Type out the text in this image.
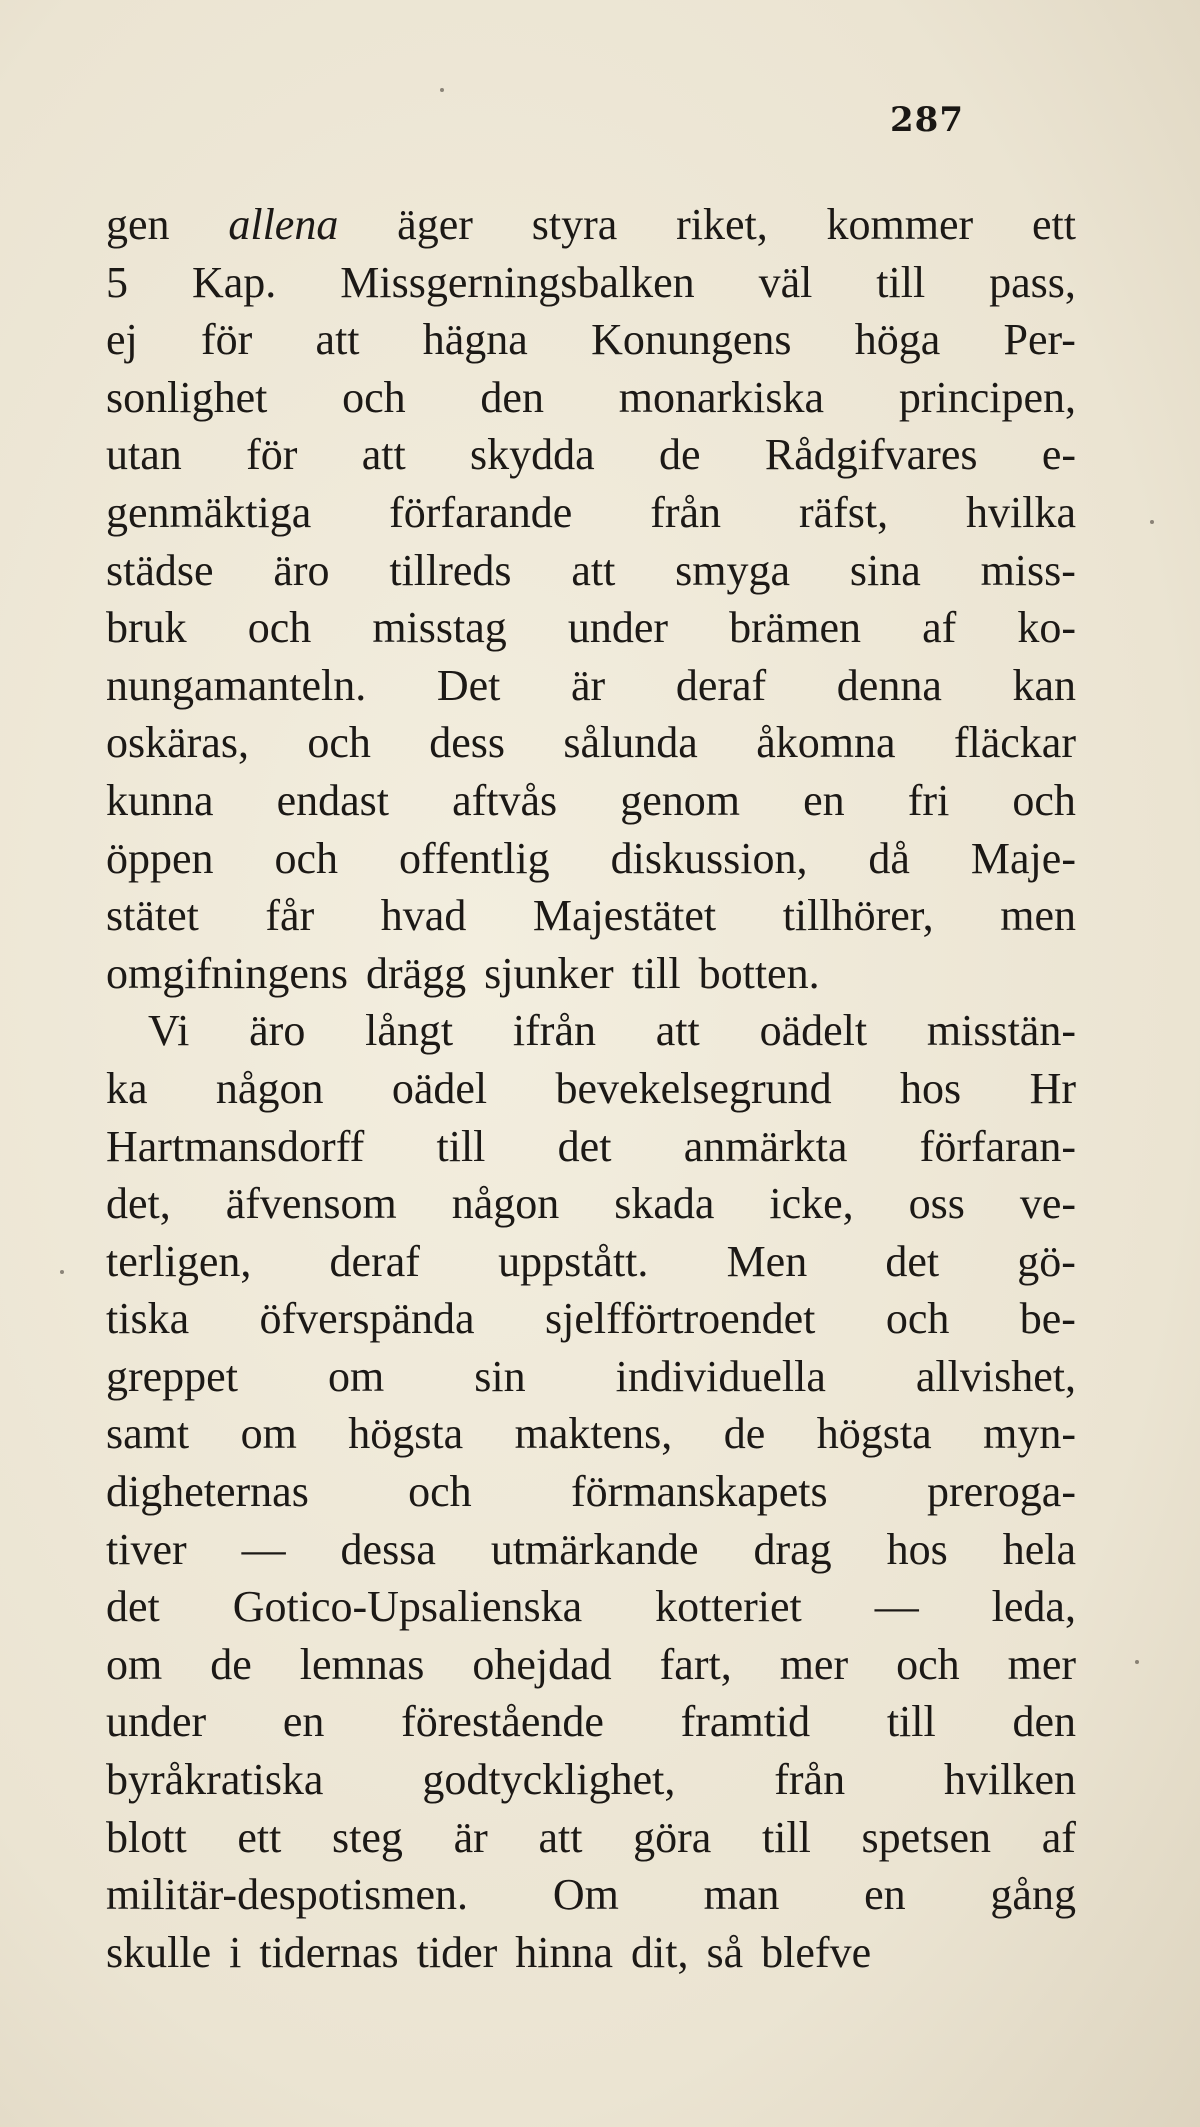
287
gen allena äger styra riket, kommer ett
5 Kap. Missgerningsbalken väl till pass,
ej för att hägna Konungens höga Per-
sonlighet och den monarkiska principen,
utan för att skydda de Rådgifvares e-
genmäktiga förfarande från räfst, hvilka
städse äro tillreds att smyga sina miss-
bruk och misstag under brämen af ko-
nungamanteln. Det är deraf denna kan
oskäras, och dess sålunda åkomna fläckar
kunna endast aftvås genom en fri och
öppen och offentlig diskussion, då Maje-
stätet får hvad Majestätet tillhörer, men
omgifningens drägg sjunker till botten.
Vi äro långt ifrån att oädelt misstän-
ka någon oädel bevekelsegrund hos Hr
Hartmansdorff till det anmärkta förfaran-
det, äfvensom någon skada icke, oss ve-
terligen, deraf uppstått. Men det gö-
tiska öfverspända sjelfförtroendet och be-
greppet om sin individuella allvishet,
samt om högsta maktens, de högsta myn-
digheternas och förmanskapets preroga-
tiver — dessa utmärkande drag hos hela
det Gotico-Upsalienska kotteriet — leda,
om de lemnas ohejdad fart, mer och mer
under en förestående framtid till den
byråkratiska godtycklighet, från hvilken
blott ett steg är att göra till spetsen af
militär-despotismen. Om man en gång
skulle i tidernas tider hinna dit, så blefve
